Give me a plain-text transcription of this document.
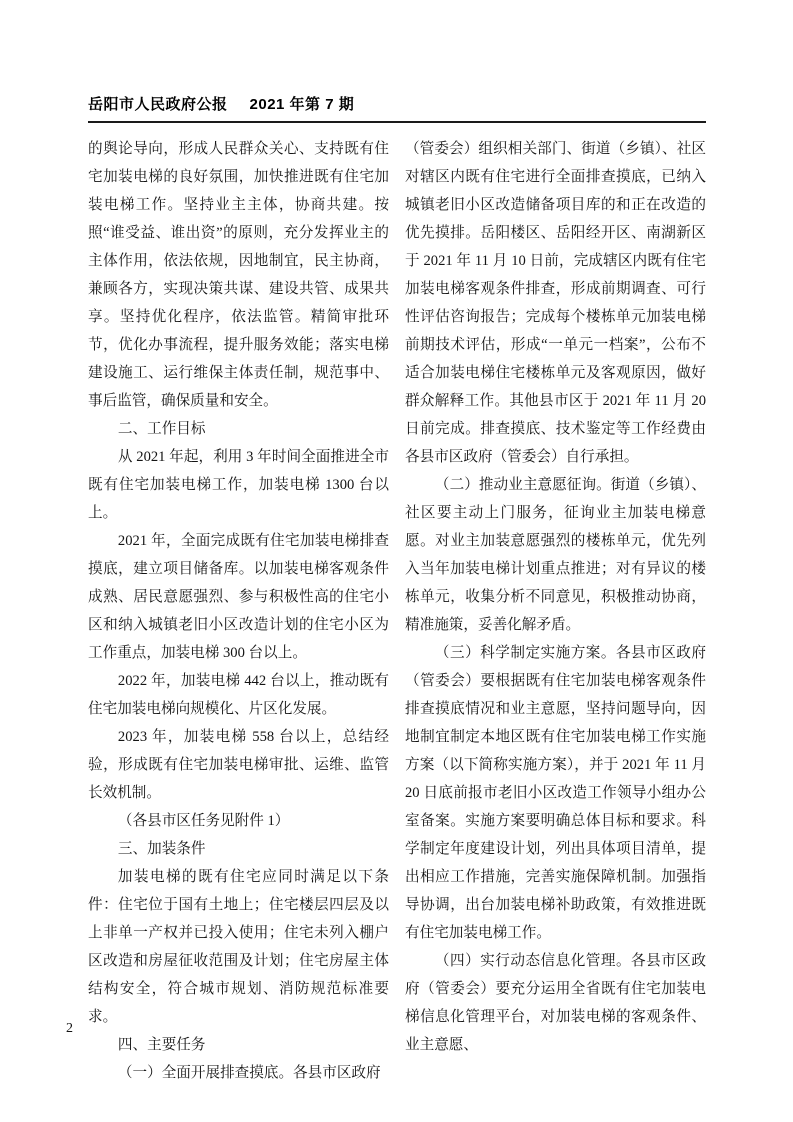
岳阳市人民政府公报 2021 年第 7 期

的舆论导向，形成人民群众关心、支持既有住宅加装电梯的良好氛围，加快推进既有住宅加装电梯工作。坚持业主主体，协商共建。按照“谁受益、谁出资”的原则，充分发挥业主的主体作用，依法依规，因地制宜，民主协商，兼顾各方，实现决策共谋、建设共管、成果共享。坚持优化程序，依法监管。精简审批环节，优化办事流程，提升服务效能；落实电梯建设施工、运行维保主体责任制，规范事中、事后监管，确保质量和安全。

二、工作目标

从 2021 年起，利用 3 年时间全面推进全市既有住宅加装电梯工作，加装电梯 1300 台以上。

2021 年，全面完成既有住宅加装电梯排查摸底，建立项目储备库。以加装电梯客观条件成熟、居民意愿强烈、参与积极性高的住宅小区和纳入城镇老旧小区改造计划的住宅小区为工作重点，加装电梯 300 台以上。

2022 年，加装电梯 442 台以上，推动既有住宅加装电梯向规模化、片区化发展。

2023 年，加装电梯 558 台以上，总结经验，形成既有住宅加装电梯审批、运维、监管长效机制。

（各县市区任务见附件 1）

三、加装条件

加装电梯的既有住宅应同时满足以下条件：住宅位于国有土地上；住宅楼层四层及以上非单一产权并已投入使用；住宅未列入棚户区改造和房屋征收范围及计划；住宅房屋主体结构安全，符合城市规划、消防规范标准要求。

四、主要任务

（一）全面开展排查摸底。各县市区政府

（管委会）组织相关部门、街道（乡镇）、社区对辖区内既有住宅进行全面排查摸底，已纳入城镇老旧小区改造储备项目库的和正在改造的优先摸排。岳阳楼区、岳阳经开区、南湖新区于 2021 年 11 月 10 日前，完成辖区内既有住宅加装电梯客观条件排查，形成前期调查、可行性评估咨询报告；完成每个楼栋单元加装电梯前期技术评估，形成“一单元一档案”，公布不适合加装电梯住宅楼栋单元及客观原因，做好群众解释工作。其他县市区于 2021 年 11 月 20 日前完成。排查摸底、技术鉴定等工作经费由各县市区政府（管委会）自行承担。

（二）推动业主意愿征询。街道（乡镇）、社区要主动上门服务，征询业主加装电梯意愿。对业主加装意愿强烈的楼栋单元，优先列入当年加装电梯计划重点推进；对有异议的楼栋单元，收集分析不同意见，积极推动协商，精准施策，妥善化解矛盾。

（三）科学制定实施方案。各县市区政府（管委会）要根据既有住宅加装电梯客观条件排查摸底情况和业主意愿，坚持问题导向，因地制宜制定本地区既有住宅加装电梯工作实施方案（以下简称实施方案），并于 2021 年 11 月 20 日底前报市老旧小区改造工作领导小组办公室备案。实施方案要明确总体目标和要求。科学制定年度建设计划，列出具体项目清单，提出相应工作措施，完善实施保障机制。加强指导协调，出台加装电梯补助政策，有效推进既有住宅加装电梯工作。

（四）实行动态信息化管理。各县市区政府（管委会）要充分运用全省既有住宅加装电梯信息化管理平台，对加装电梯的客观条件、业主意愿、

2
